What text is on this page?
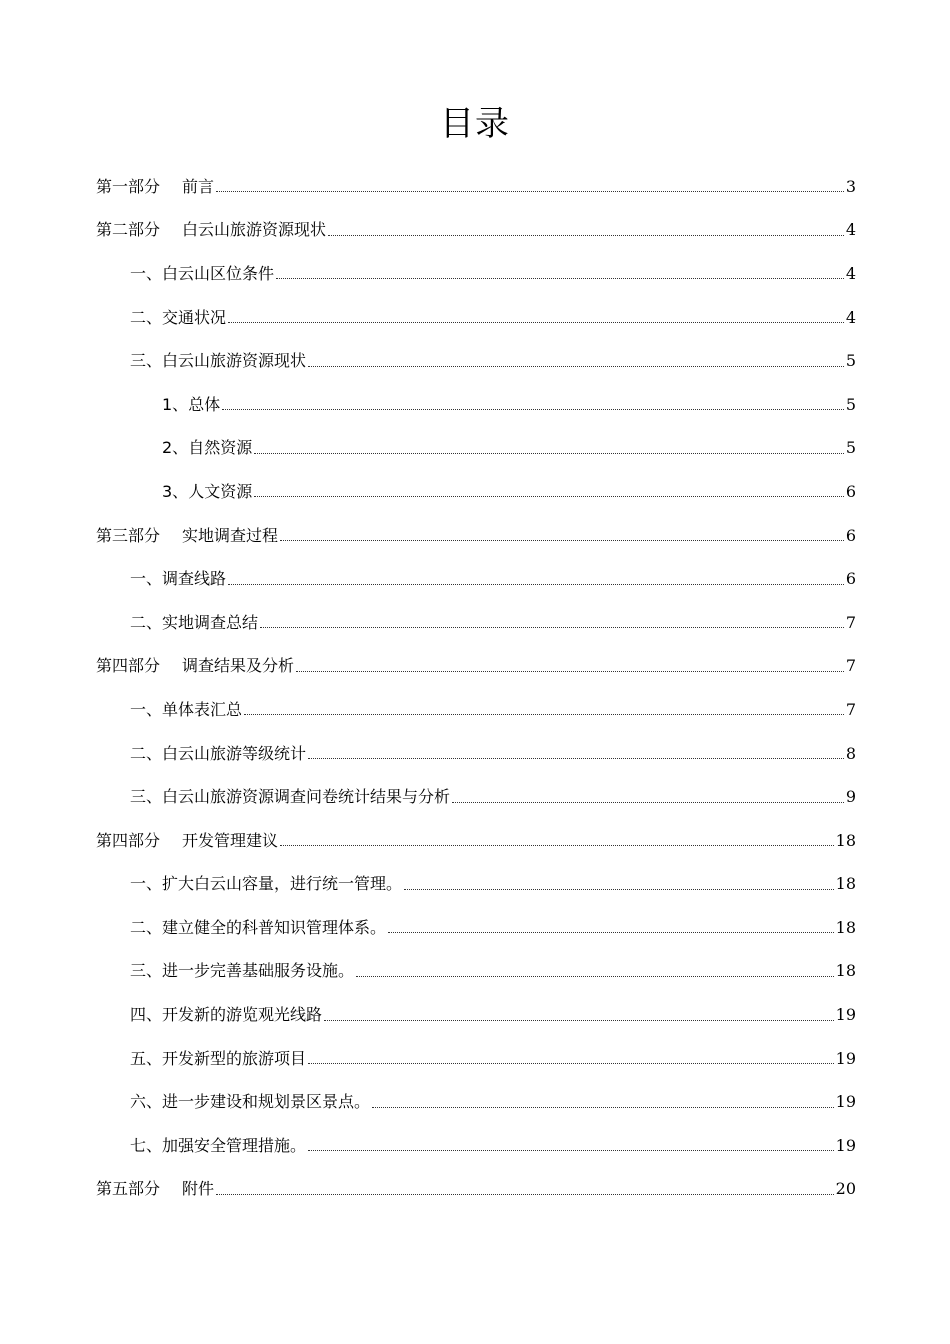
目录
第一部分 前言	3
第二部分 白云山旅游资源现状	4
一、白云山区位条件	4
二、交通状况	4
三、白云山旅游资源现状	5
1、总体	5
2、自然资源	5
3、人文资源	6
第三部分 实地调查过程	6
一、调查线路	6
二、实地调查总结	7
第四部分 调查结果及分析	7
一、单体表汇总	7
二、白云山旅游等级统计	8
三、白云山旅游资源调查问卷统计结果与分析	9
第四部分 开发管理建议	18
一、扩大白云山容量，进行统一管理。	18
二、建立健全的科普知识管理体系。	18
三、进一步完善基础服务设施。	18
四、开发新的游览观光线路	19
五、开发新型的旅游项目	19
六、进一步建设和规划景区景点。	19
七、加强安全管理措施。	19
第五部分 附件	20
